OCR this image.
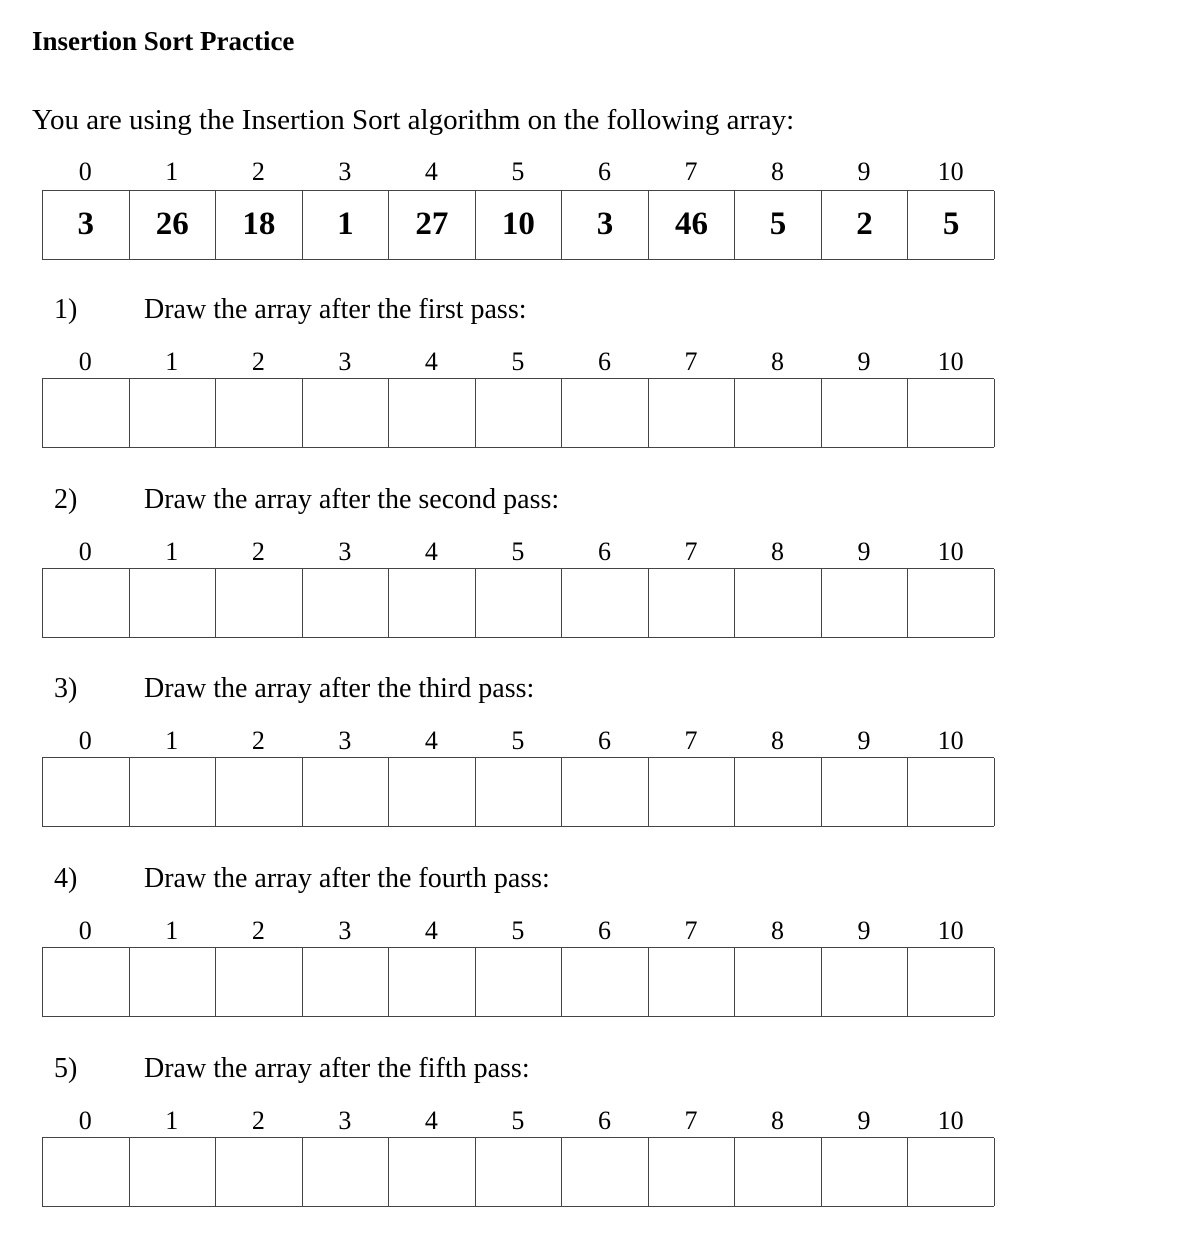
Insertion Sort Practice
You are using the Insertion Sort algorithm on the following array:
0	1	2	3	4	5	6	7	8	9	10
3	26	18	1	27	10	3	46	5	2	5
1) Draw the array after the first pass:
0	1	2	3	4	5	6	7	8	9	10
2) Draw the array after the second pass:
0	1	2	3	4	5	6	7	8	9	10
3) Draw the array after the third pass:
0	1	2	3	4	5	6	7	8	9	10
4) Draw the array after the fourth pass:
0	1	2	3	4	5	6	7	8	9	10
5) Draw the array after the fifth pass:
0	1	2	3	4	5	6	7	8	9	10
